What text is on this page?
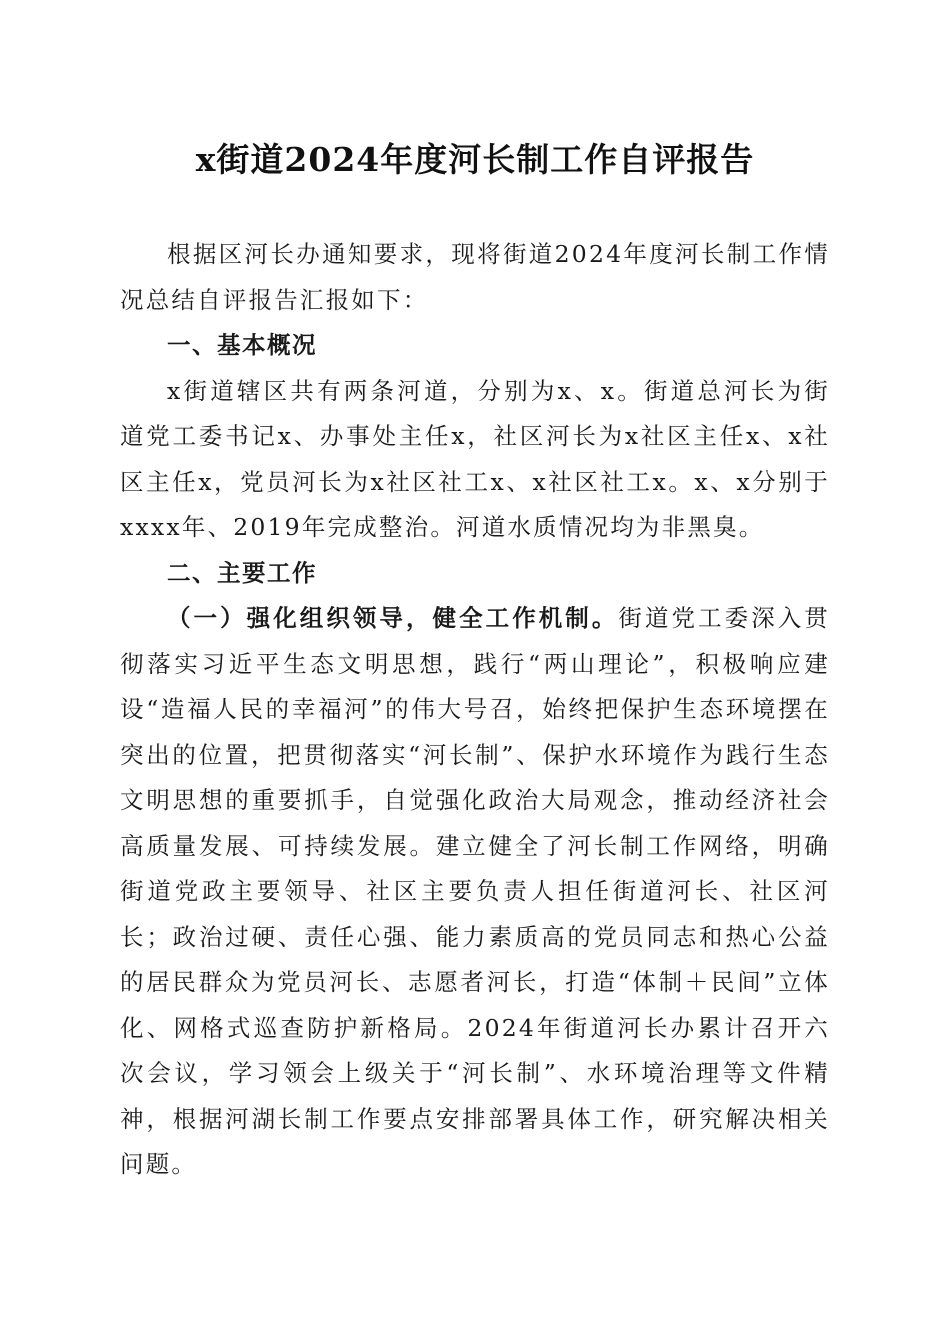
x街道2024年度河长制工作自评报告

根据区河长办通知要求，现将街道2024年度河长制工作情况总结自评报告汇报如下：

一、基本概况

x街道辖区共有两条河道，分别为x、x。街道总河长为街道党工委书记x、办事处主任x，社区河长为x社区主任x、x社区主任x，党员河长为x社区社工x、x社区社工x。x、x分别于xxxx年、2019年完成整治。河道水质情况均为非黑臭。

二、主要工作

（一）强化组织领导，健全工作机制。街道党工委深入贯彻落实习近平生态文明思想，践行“两山理论”，积极响应建设“造福人民的幸福河”的伟大号召，始终把保护生态环境摆在突出的位置，把贯彻落实“河长制”、保护水环境作为践行生态文明思想的重要抓手，自觉强化政治大局观念，推动经济社会高质量发展、可持续发展。建立健全了河长制工作网络，明确街道党政主要领导、社区主要负责人担任街道河长、社区河长；政治过硬、责任心强、能力素质高的党员同志和热心公益的居民群众为党员河长、志愿者河长，打造“体制＋民间”立体化、网格式巡查防护新格局。2024年街道河长办累计召开六次会议，学习领会上级关于“河长制”、水环境治理等文件精神，根据河湖长制工作要点安排部署具体工作，研究解决相关问题。
